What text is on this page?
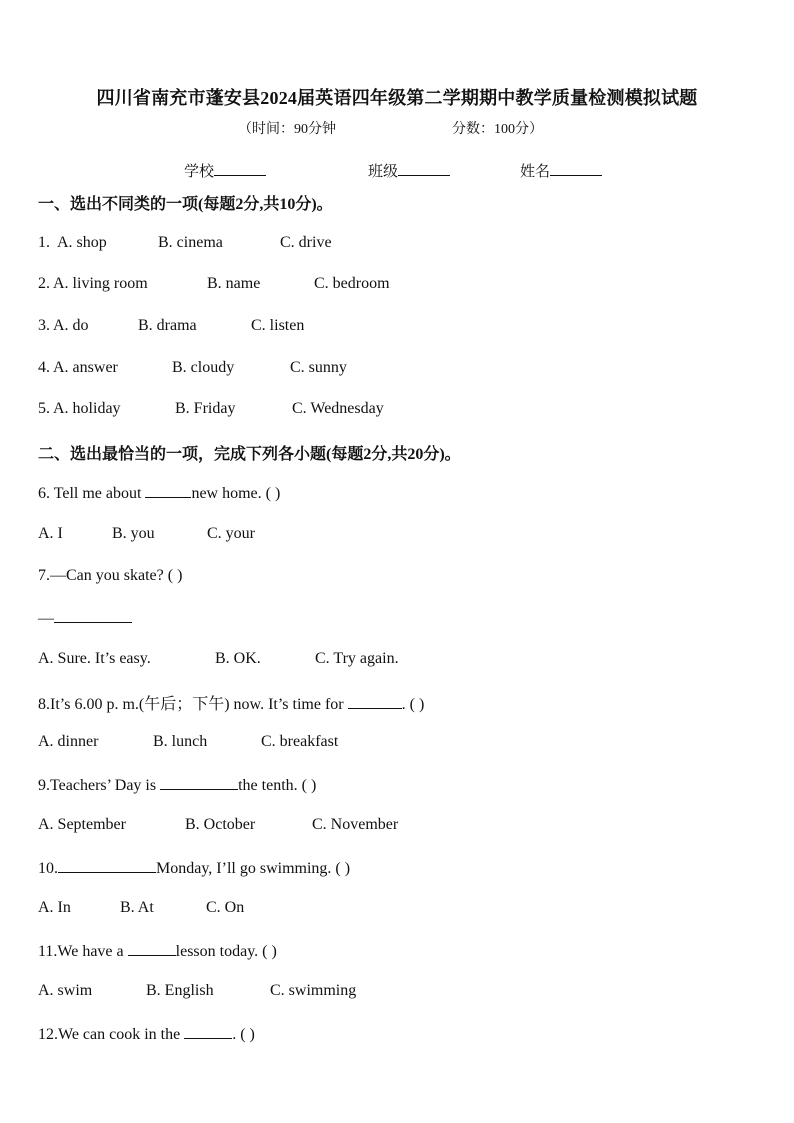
四川省南充市蓬安县2024届英语四年级第二学期期中教学质量检测模拟试题
（时间：90分钟	分数：100分）
学校	班级	姓名
一、选出不同类的一项(每题2分,共10分)。
1. A. shop	B. cinema	C. drive
2. A. living room	B. name	C. bedroom
3. A. do	B. drama	C. listen
4. A. answer	B. cloudy	C. sunny
5. A. holiday	B. Friday	C. Wednesday
二、选出最恰当的一项，完成下列各小题(每题2分,共20分)。
6. Tell me about	new home. ( )
A. I	B. you	C. your
7.—Can you skate? ( )
—
A. Sure. It’s easy.	B. OK.	C. Try again.
8.It’s 6.00 p. m.(午后；下午) now. It’s time for	. ( )
A. dinner	B. lunch	C. breakfast
9.Teachers’ Day is	the tenth. ( )
A. September	B. October	C. November
10.	Monday, I’ll go swimming. ( )
A. In	B. At	C. On
11.We have a	lesson today. ( )
A. swim	B. English	C. swimming
12.We can cook in the	. ( )
